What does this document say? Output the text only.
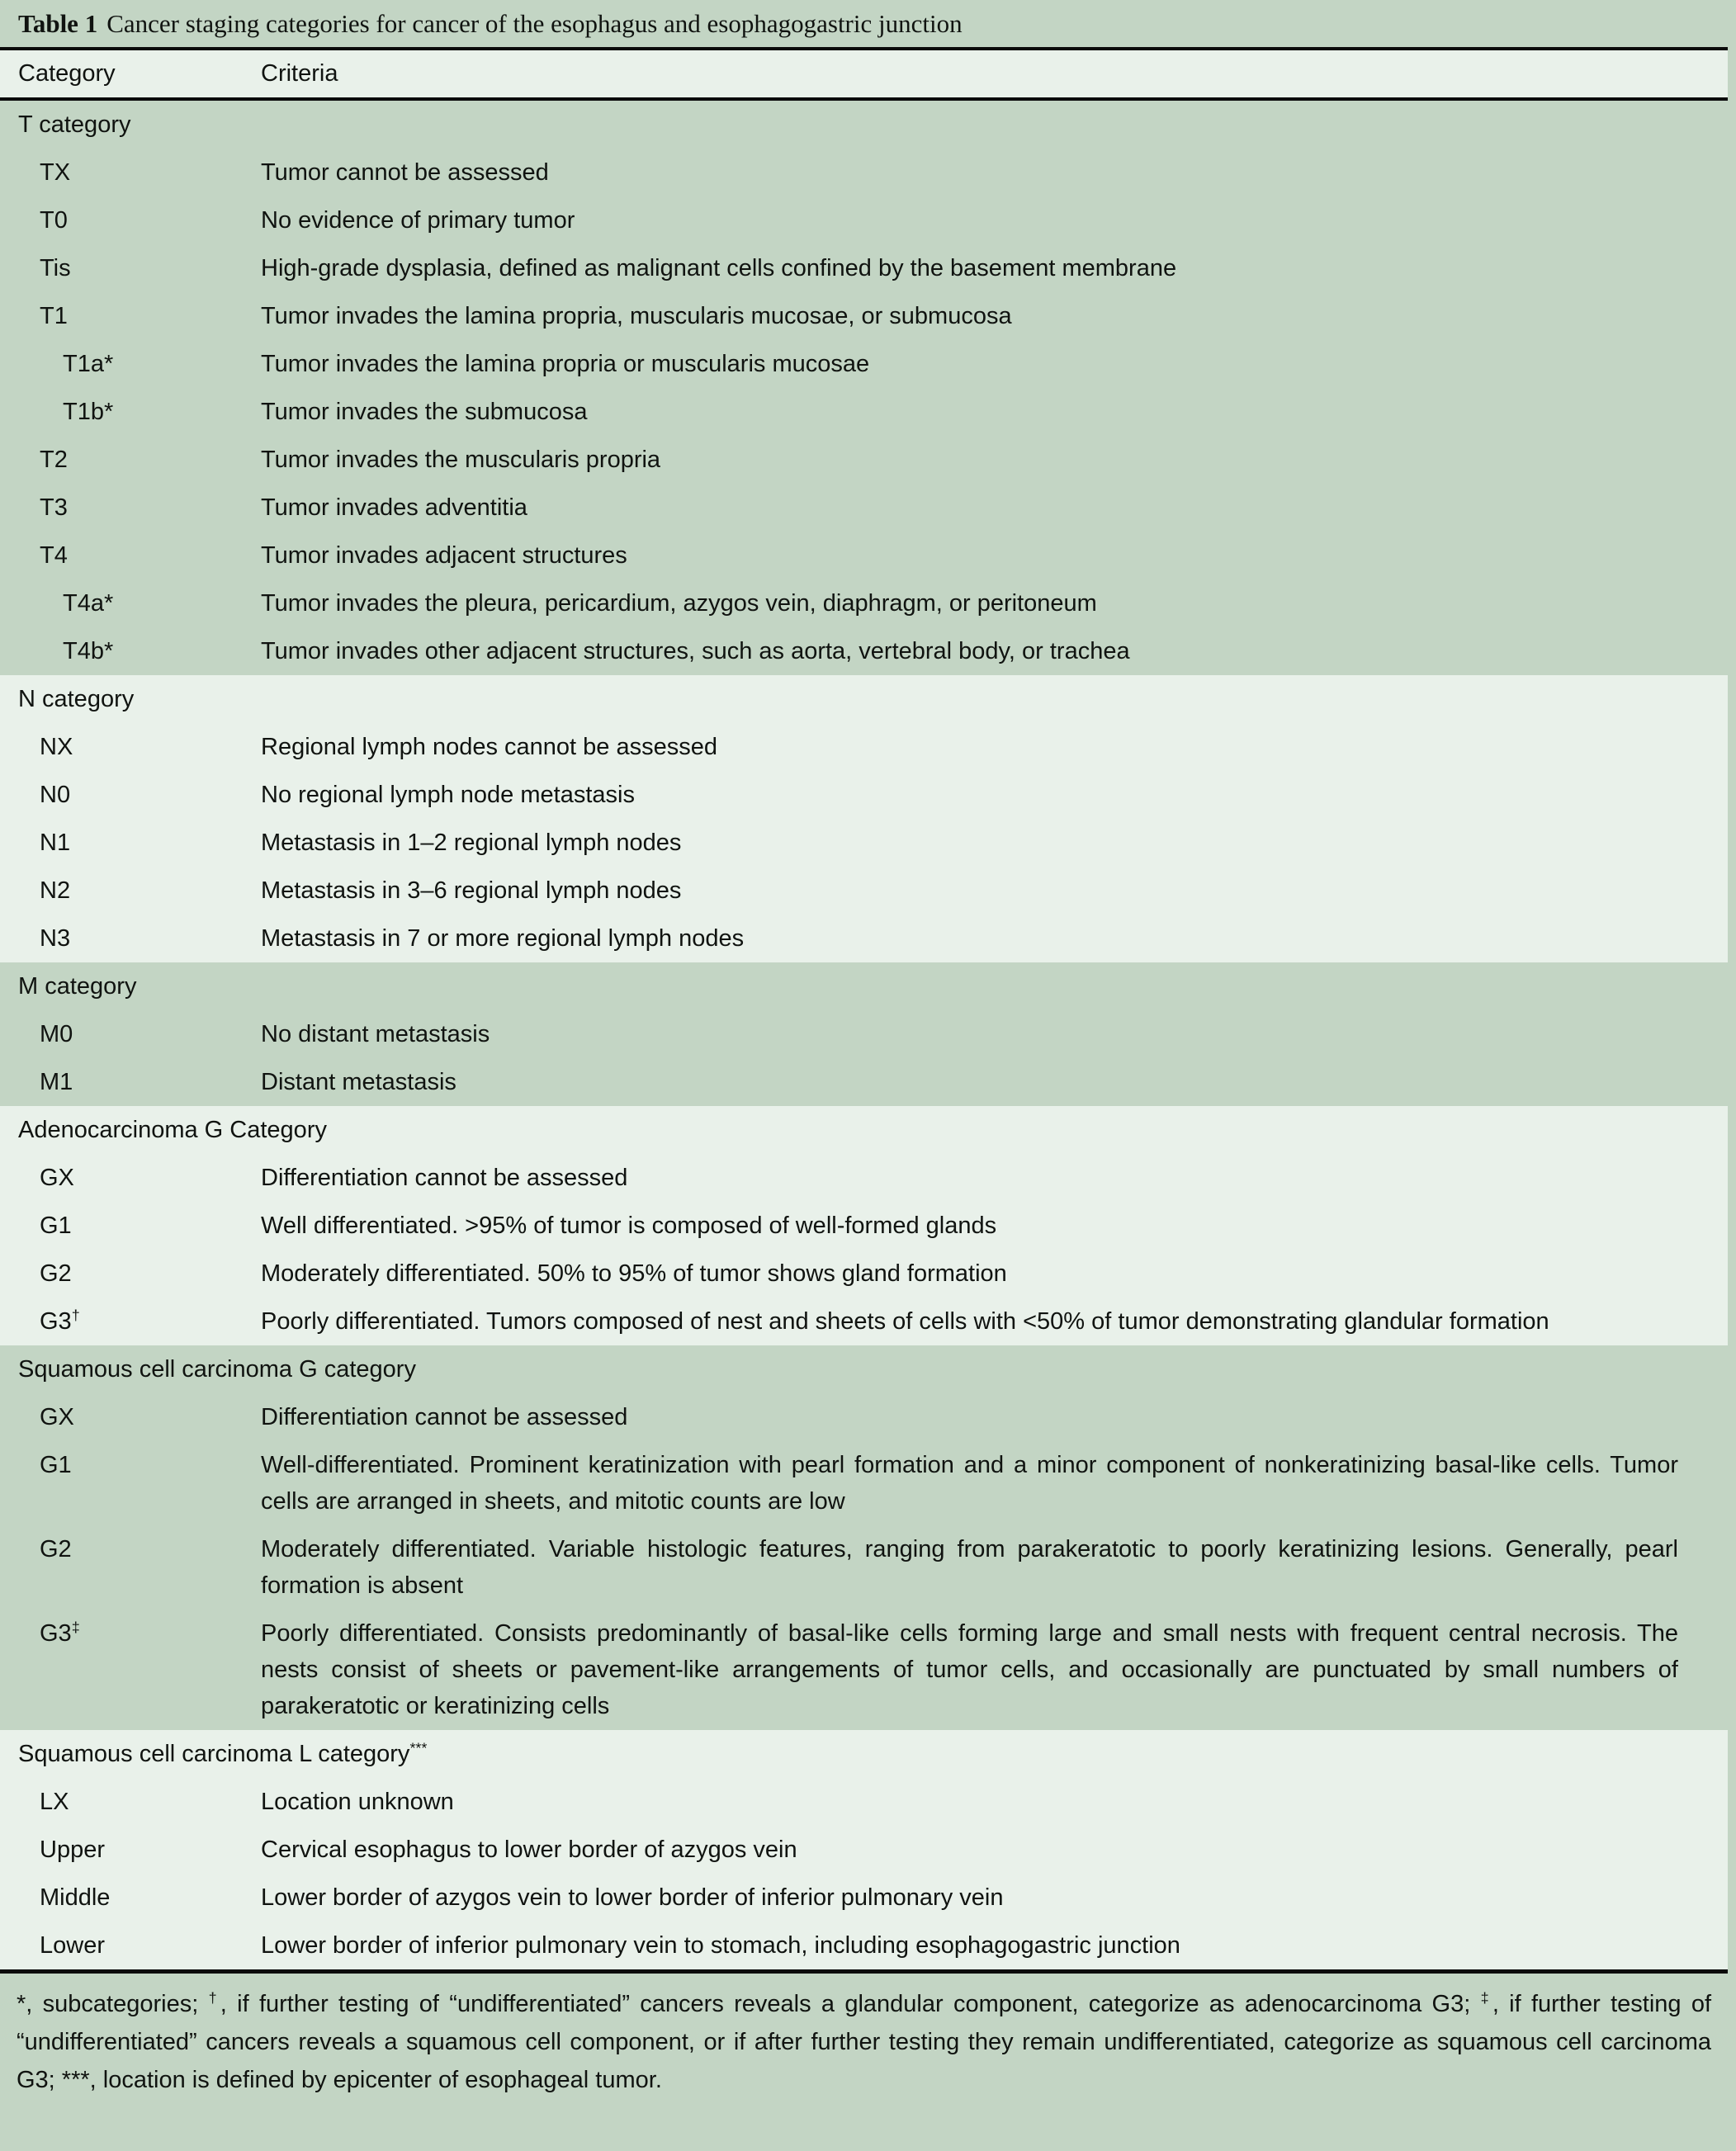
Table 1 Cancer staging categories for cancer of the esophagus and esophagogastric junction
Category	Criteria
T category
TX	Tumor cannot be assessed
T0	No evidence of primary tumor
Tis	High-grade dysplasia, defined as malignant cells confined by the basement membrane
T1	Tumor invades the lamina propria, muscularis mucosae, or submucosa
T1a*	Tumor invades the lamina propria or muscularis mucosae
T1b*	Tumor invades the submucosa
T2	Tumor invades the muscularis propria
T3	Tumor invades adventitia
T4	Tumor invades adjacent structures
T4a*	Tumor invades the pleura, pericardium, azygos vein, diaphragm, or peritoneum
T4b*	Tumor invades other adjacent structures, such as aorta, vertebral body, or trachea
N category
NX	Regional lymph nodes cannot be assessed
N0	No regional lymph node metastasis
N1	Metastasis in 1–2 regional lymph nodes
N2	Metastasis in 3–6 regional lymph nodes
N3	Metastasis in 7 or more regional lymph nodes
M category
M0	No distant metastasis
M1	Distant metastasis
Adenocarcinoma G Category
GX	Differentiation cannot be assessed
G1	Well differentiated. >95% of tumor is composed of well-formed glands
G2	Moderately differentiated. 50% to 95% of tumor shows gland formation
G3†	Poorly differentiated. Tumors composed of nest and sheets of cells with <50% of tumor demonstrating glandular formation
Squamous cell carcinoma G category
GX	Differentiation cannot be assessed
G1	Well-differentiated. Prominent keratinization with pearl formation and a minor component of nonkeratinizing basal-like cells. Tumor cells are arranged in sheets, and mitotic counts are low
G2	Moderately differentiated. Variable histologic features, ranging from parakeratotic to poorly keratinizing lesions. Generally, pearl formation is absent
G3‡	Poorly differentiated. Consists predominantly of basal-like cells forming large and small nests with frequent central necrosis. The nests consist of sheets or pavement-like arrangements of tumor cells, and occasionally are punctuated by small numbers of parakeratotic or keratinizing cells
Squamous cell carcinoma L category***
LX	Location unknown
Upper	Cervical esophagus to lower border of azygos vein
Middle	Lower border of azygos vein to lower border of inferior pulmonary vein
Lower	Lower border of inferior pulmonary vein to stomach, including esophagogastric junction
*, subcategories; †, if further testing of “undifferentiated” cancers reveals a glandular component, categorize as adenocarcinoma G3; ‡, if further testing of “undifferentiated” cancers reveals a squamous cell component, or if after further testing they remain undifferentiated, categorize as squamous cell carcinoma G3; ***, location is defined by epicenter of esophageal tumor.
